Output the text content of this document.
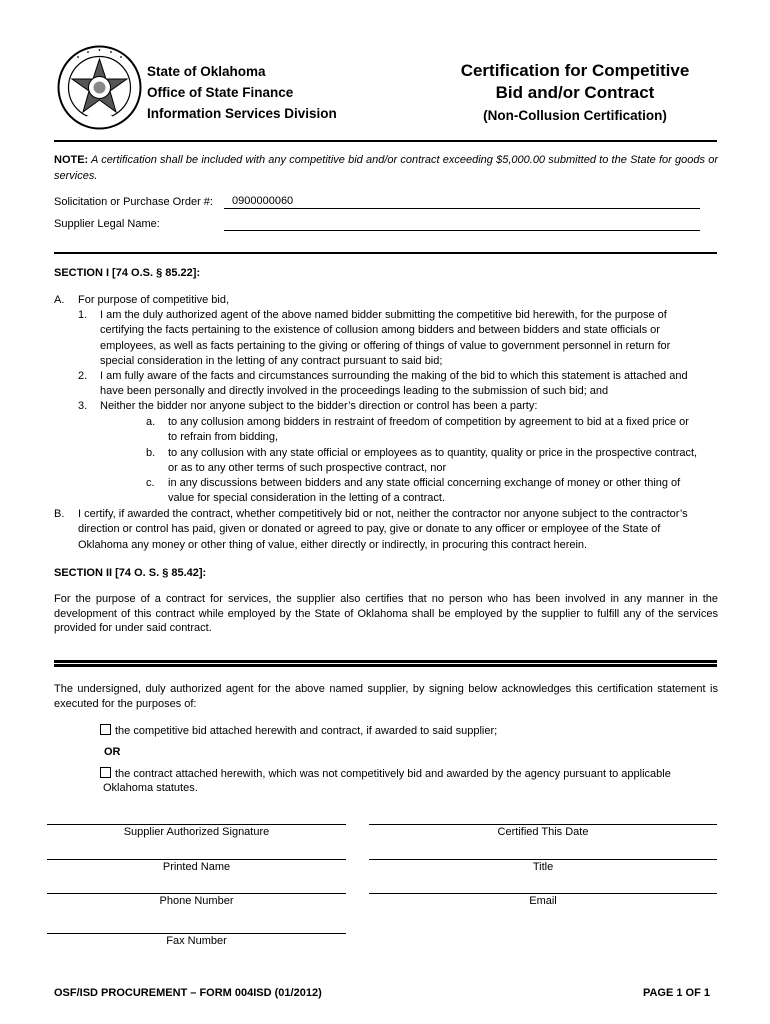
State of Oklahoma
Office of State Finance
Information Services Division
Certification for Competitive
Bid and/or Contract
(Non-Collusion Certification)
NOTE: A certification shall be included with any competitive bid and/or contract exceeding $5,000.00 submitted to the State for goods or services.
Solicitation or Purchase Order #:	0900000060
Supplier Legal Name:
SECTION I [74 O.S. § 85.22]:
A. For purpose of competitive bid,
1. I am the duly authorized agent of the above named bidder submitting the competitive bid herewith, for the purpose of
certifying the facts pertaining to the existence of collusion among bidders and between bidders and state officials or
employees, as well as facts pertaining to the giving or offering of things of value to government personnel in return for
special consideration in the letting of any contract pursuant to said bid;
2. I am fully aware of the facts and circumstances surrounding the making of the bid to which this statement is attached and
have been personally and directly involved in the proceedings leading to the submission of such bid; and
3. Neither the bidder nor anyone subject to the bidder’s direction or control has been a party:
a. to any collusion among bidders in restraint of freedom of competition by agreement to bid at a fixed price or
to refrain from bidding,
b. to any collusion with any state official or employees as to quantity, quality or price in the prospective contract,
or as to any other terms of such prospective contract, nor
c. in any discussions between bidders and any state official concerning exchange of money or other thing of
value for special consideration in the letting of a contract.
B. I certify, if awarded the contract, whether competitively bid or not, neither the contractor nor anyone subject to the contractor’s
direction or control has paid, given or donated or agreed to pay, give or donate to any officer or employee of the State of
Oklahoma any money or other thing of value, either directly or indirectly, in procuring this contract herein.
SECTION II [74 O. S. § 85.42]:
For the purpose of a contract for services, the supplier also certifies that no person who has been involved in any manner in the development of this contract while employed by the State of Oklahoma shall be employed by the supplier to fulfill any of the services provided for under said contract.
The undersigned, duly authorized agent for the above named supplier, by signing below acknowledges this certification statement is executed for the purposes of:
the competitive bid attached herewith and contract, if awarded to said supplier;
OR
the contract attached herewith, which was not competitively bid and awarded by the agency pursuant to applicable
Oklahoma statutes.
Supplier Authorized Signature	Certified This Date
Printed Name	Title
Phone Number	Email
Fax Number
OSF/ISD PROCUREMENT – FORM 004ISD (01/2012)	PAGE 1 OF 1
